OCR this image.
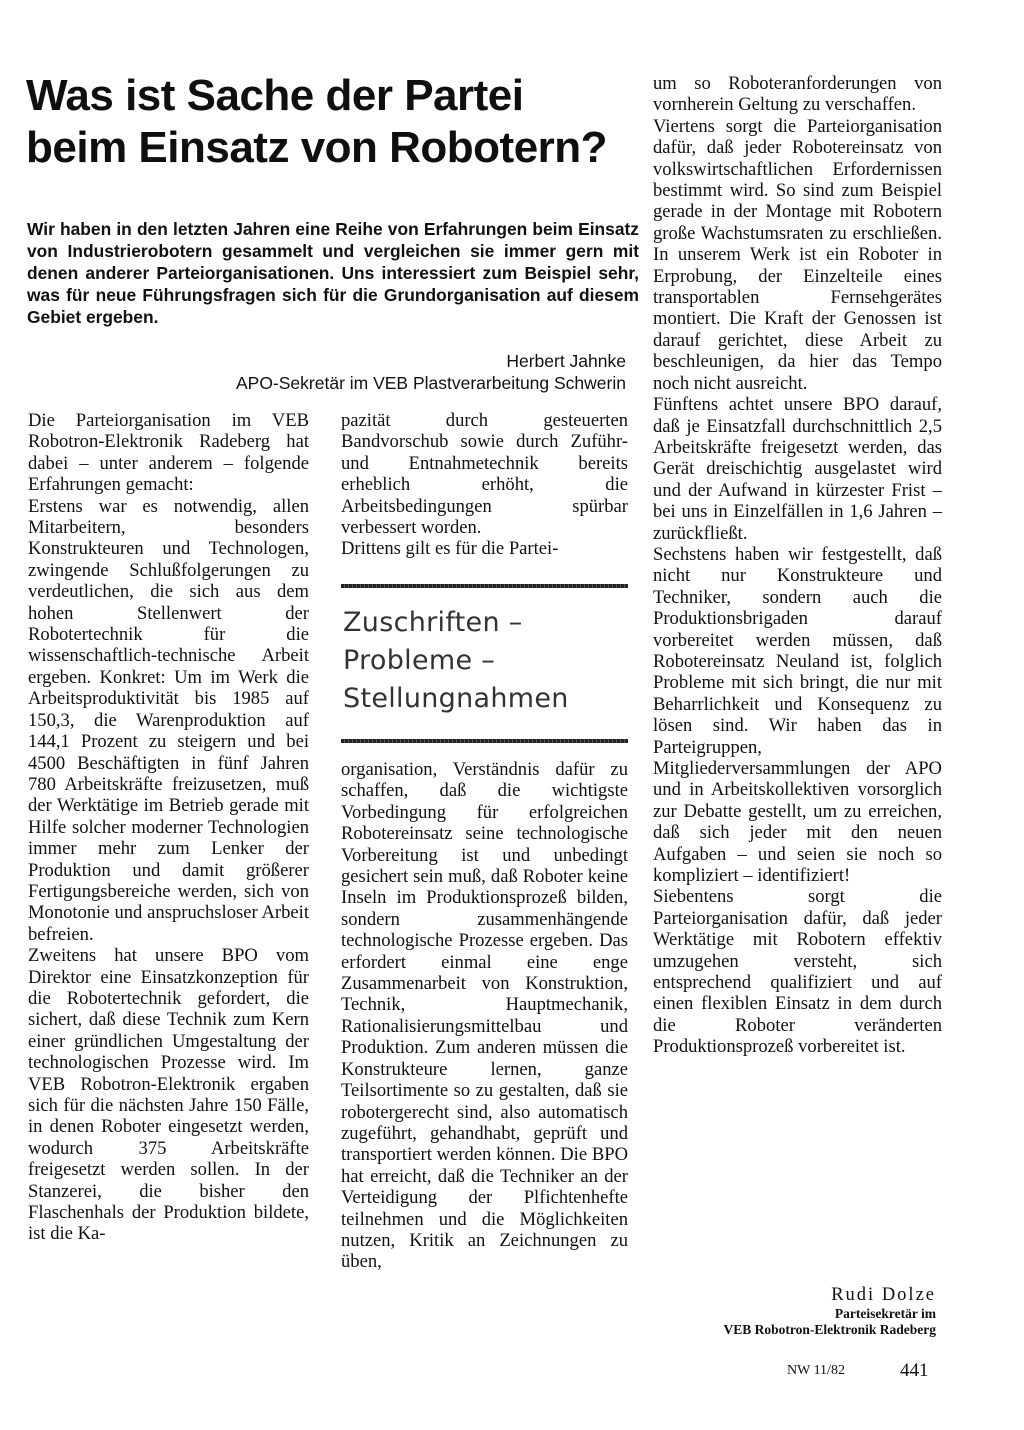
Was ist Sache der Partei
beim Einsatz von Robotern?

Wir haben in den letzten Jahren eine Reihe von Erfahrungen beim Einsatz von Industrierobotern gesammelt und vergleichen sie immer gern mit denen anderer Parteiorganisationen. Uns interessiert zum Beispiel sehr, was für neue Führungsfragen sich für die Grundorganisation auf diesem Gebiet ergeben.

Herbert Jahnke
APO-Sekretär im VEB Plastverarbeitung Schwerin

Die Parteiorganisation im VEB Robotron-Elektronik Radeberg hat dabei – unter anderem – folgende Erfahrungen gemacht:

Erstens war es notwendig, allen Mitarbeitern, besonders Konstrukteuren und Technologen, zwingende Schlußfolgerungen zu verdeutlichen, die sich aus dem hohen Stellenwert der Robotertechnik für die wissenschaftlich-technische Arbeit ergeben. Konkret: Um im Werk die Arbeitsproduktivität bis 1985 auf 150,3, die Warenproduktion auf 144,1 Prozent zu steigern und bei 4500 Beschäftigten in fünf Jahren 780 Arbeitskräfte freizusetzen, muß der Werktätige im Betrieb gerade mit Hilfe solcher moderner Technologien immer mehr zum Lenker der Produktion und damit größerer Fertigungsbereiche werden, sich von Monotonie und anspruchsloser Arbeit befreien.

Zweitens hat unsere BPO vom Direktor eine Einsatzkonzeption für die Robotertechnik gefordert, die sichert, daß diese Technik zum Kern einer gründlichen Umgestaltung der technologischen Prozesse wird. Im VEB Robotron-Elektronik ergaben sich für die nächsten Jahre 150 Fälle, in denen Roboter eingesetzt werden, wodurch 375 Arbeitskräfte freigesetzt werden sollen. In der Stanzerei, die bisher den Flaschenhals der Produktion bildete, ist die Ka-

pazität durch gesteuerten Bandvorschub sowie durch Zuführ- und Entnahmetechnik bereits erheblich erhöht, die Arbeitsbedingungen spürbar verbessert worden.

Drittens gilt es für die Partei-

Zuschriften –
Probleme –
Stellungnahmen

organisation, Verständnis dafür zu schaffen, daß die wichtigste Vorbedingung für erfolgreichen Robotereinsatz seine technologische Vorbereitung ist und unbedingt gesichert sein muß, daß Roboter keine Inseln im Produktionsprozeß bilden, sondern zusammenhängende technologische Prozesse ergeben. Das erfordert einmal eine enge Zusammenarbeit von Konstruktion, Technik, Hauptmechanik, Rationalisierungsmittelbau und Produktion. Zum anderen müssen die Konstrukteure lernen, ganze Teilsortimente so zu gestalten, daß sie robotergerecht sind, also automatisch zugeführt, gehandhabt, geprüft und transportiert werden können. Die BPO hat erreicht, daß die Techniker an der Verteidigung der Plfichtenhefte teilnehmen und die Möglichkeiten nutzen, Kritik an Zeichnungen zu üben,

um so Roboteranforderungen von vornherein Geltung zu verschaffen.

Viertens sorgt die Parteiorganisation dafür, daß jeder Robotereinsatz von volkswirtschaftlichen Erfordernissen bestimmt wird. So sind zum Beispiel gerade in der Montage mit Robotern große Wachstumsraten zu erschließen. In unserem Werk ist ein Roboter in Erprobung, der Einzelteile eines transportablen Fernsehgerätes montiert. Die Kraft der Genossen ist darauf gerichtet, diese Arbeit zu beschleunigen, da hier das Tempo noch nicht ausreicht.

Fünftens achtet unsere BPO darauf, daß je Einsatzfall durchschnittlich 2,5 Arbeitskräfte freigesetzt werden, das Gerät dreischichtig ausgelastet wird und der Aufwand in kürzester Frist – bei uns in Einzelfällen in 1,6 Jahren – zurückfließt.

Sechstens haben wir festgestellt, daß nicht nur Konstrukteure und Techniker, sondern auch die Produktionsbrigaden darauf vorbereitet werden müssen, daß Robotereinsatz Neuland ist, folglich Probleme mit sich bringt, die nur mit Beharrlichkeit und Konsequenz zu lösen sind. Wir haben das in Parteigruppen, Mitgliederversammlungen der APO und in Arbeitskollektiven vorsorglich zur Debatte gestellt, um zu erreichen, daß sich jeder mit den neuen Aufgaben – und seien sie noch so kompliziert – identifiziert!

Siebentens sorgt die Parteiorganisation dafür, daß jeder Werktätige mit Robotern effektiv umzugehen versteht, sich entsprechend qualifiziert und auf einen flexiblen Einsatz in dem durch die Roboter veränderten Produktionsprozeß vorbereitet ist.

Rudi Dolze
Parteisekretär im
VEB Robotron-Elektronik Radeberg
NW 11/82	441
